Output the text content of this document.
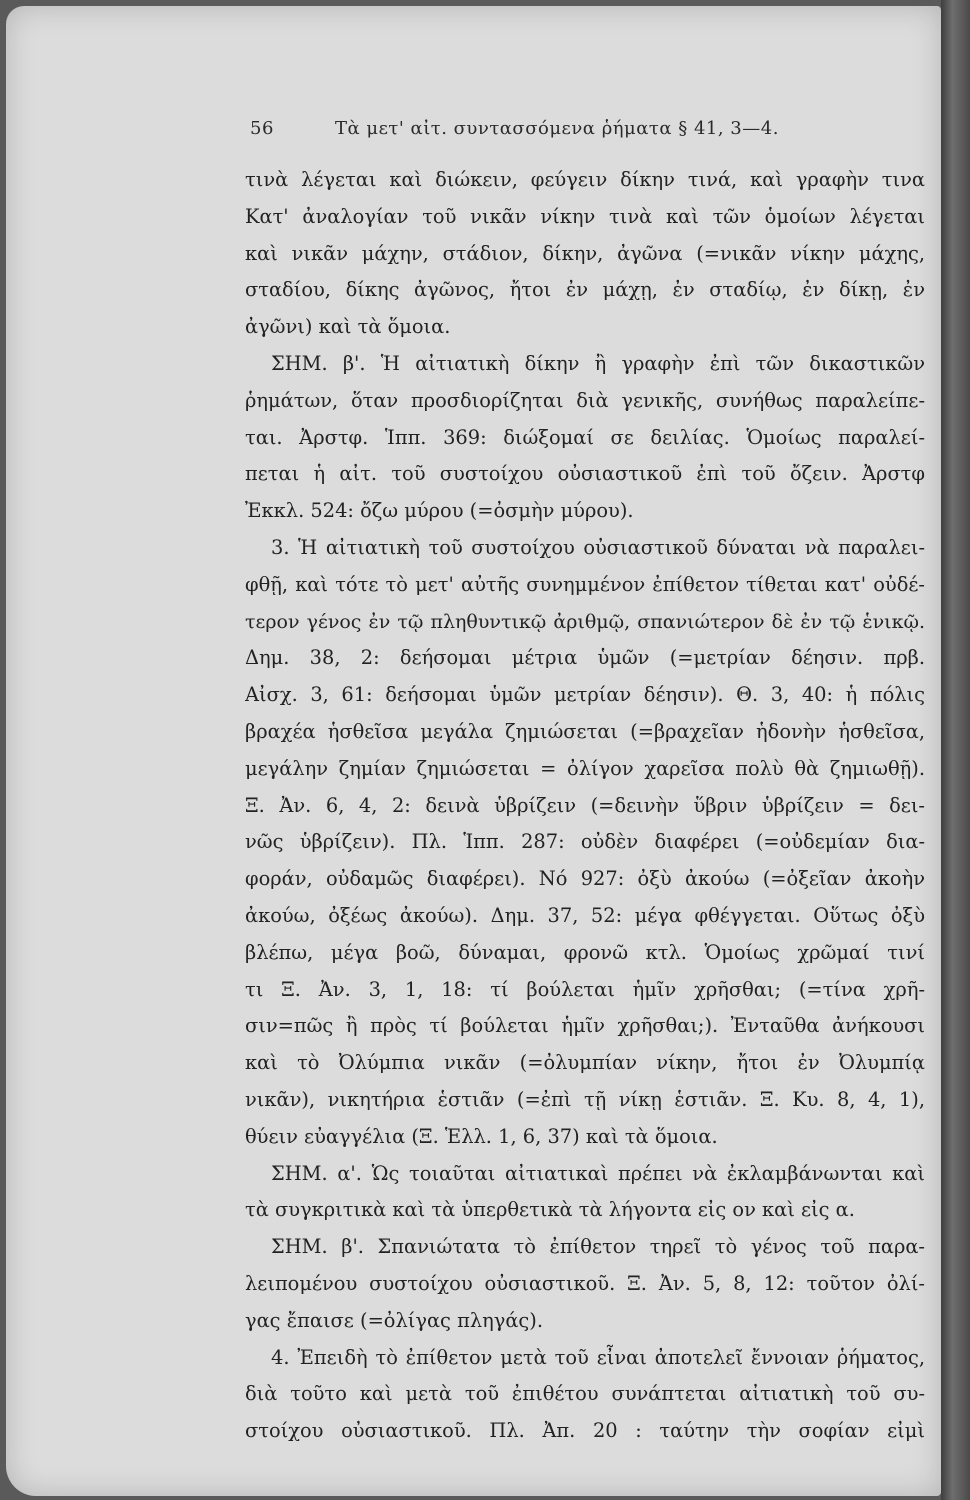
56	Τὰ μετ' αἰτ. συντασσόμενα ῥήματα § 41, 3—4.
τινὰ λέγεται καὶ διώκειν, φεύγειν δίκην τινά, καὶ γραφὴν τινα
Κατ' ἀναλογίαν τοῦ νικᾶν νίκην τινὰ καὶ τῶν ὁμοίων λέγεται
καὶ νικᾶν μάχην, στάδιον, δίκην, ἀγῶνα (=νικᾶν νίκην μάχης,
σταδίου, δίκης ἀγῶνος, ἤτοι ἐν μάχῃ, ἐν σταδίῳ, ἐν δίκῃ, ἐν
ἀγῶνι) καὶ τὰ ὅμοια.
ΣΗΜ. β'. Ἡ αἰτιατικὴ δίκην ἢ γραφὴν ἐπὶ τῶν δικαστικῶν
ῥημάτων, ὅταν προσδιορίζηται διὰ γενικῆς, συνήθως παραλείπε-
ται. Ἀρστφ. Ἱππ. 369: διώξομαί σε δειλίας. Ὁμοίως παραλεί-
πεται ἡ αἰτ. τοῦ συστοίχου οὐσιαστικοῦ ἐπὶ τοῦ ὄζειν. Ἀρστφ
Ἐκκλ. 524: ὄζω μύρου (=ὀσμὴν μύρου).
3. Ἡ αἰτιατικὴ τοῦ συστοίχου οὐσιαστικοῦ δύναται νὰ παραλει-
φθῇ, καὶ τότε τὸ μετ' αὐτῆς συνημμένον ἐπίθετον τίθεται κατ' οὐδέ-
τερον γένος ἐν τῷ πληθυντικῷ ἀριθμῷ, σπανιώτερον δὲ ἐν τῷ ἑνικῷ.
Δημ. 38, 2: δεήσομαι μέτρια ὑμῶν (=μετρίαν δέησιν. πρβ.
Αἰσχ. 3, 61: δεήσομαι ὑμῶν μετρίαν δέησιν). Θ. 3, 40: ἡ πόλις
βραχέα ἡσθεῖσα μεγάλα ζημιώσεται (=βραχεῖαν ἡδονὴν ἡσθεῖσα,
μεγάλην ζημίαν ζημιώσεται = ὀλίγον χαρεῖσα πολὺ θὰ ζημιωθῇ).
Ξ. Ἀν. 6, 4, 2: δεινὰ ὑβρίζειν (=δεινὴν ὕβριν ὑβρίζειν = δει-
νῶς ὑβρίζειν). Πλ. Ἱππ. 287: οὐδὲν διαφέρει (=οὐδεμίαν δια-
φοράν, οὐδαμῶς διαφέρει). Νό 927: ὀξὺ ἀκούω (=ὀξεῖαν ἀκοὴν
ἀκούω, ὀξέως ἀκούω). Δημ. 37, 52: μέγα φθέγγεται. Οὕτως ὀξὺ
βλέπω, μέγα βοῶ, δύναμαι, φρονῶ κτλ. Ὁμοίως χρῶμαί τινί
τι Ξ. Ἀν. 3, 1, 18: τί βούλεται ἡμῖν χρῆσθαι; (=τίνα χρῆ-
σιν=πῶς ἢ πρὸς τί βούλεται ἡμῖν χρῆσθαι;). Ἐνταῦθα ἀνήκουσι
καὶ τὸ Ὀλύμπια νικᾶν (=ὀλυμπίαν νίκην, ἤτοι ἐν Ὀλυμπίᾳ
νικᾶν), νικητήρια ἑστιᾶν (=ἐπὶ τῇ νίκῃ ἑστιᾶν. Ξ. Κυ. 8, 4, 1),
θύειν εὐαγγέλια (Ξ. Ἑλλ. 1, 6, 37) καὶ τὰ ὅμοια.
ΣΗΜ. α'. Ὡς τοιαῦται αἰτιατικαὶ πρέπει νὰ ἐκλαμβάνωνται καὶ
τὰ συγκριτικὰ καὶ τὰ ὑπερθετικὰ τὰ λήγοντα εἰς ον καὶ εἰς α.
ΣΗΜ. β'. Σπανιώτατα τὸ ἐπίθετον τηρεῖ τὸ γένος τοῦ παρα-
λειπομένου συστοίχου οὐσιαστικοῦ. Ξ. Ἀν. 5, 8, 12: τοῦτον ὀλί-
γας ἔπαισε (=ὀλίγας πληγάς).
4. Ἐπειδὴ τὸ ἐπίθετον μετὰ τοῦ εἶναι ἀποτελεῖ ἔννοιαν ῥήματος,
διὰ τοῦτο καὶ μετὰ τοῦ ἐπιθέτου συνάπτεται αἰτιατικὴ τοῦ συ-
στοίχου οὐσιαστικοῦ. Πλ. Ἀπ. 20 : ταύτην τὴν σοφίαν εἰμὶ
